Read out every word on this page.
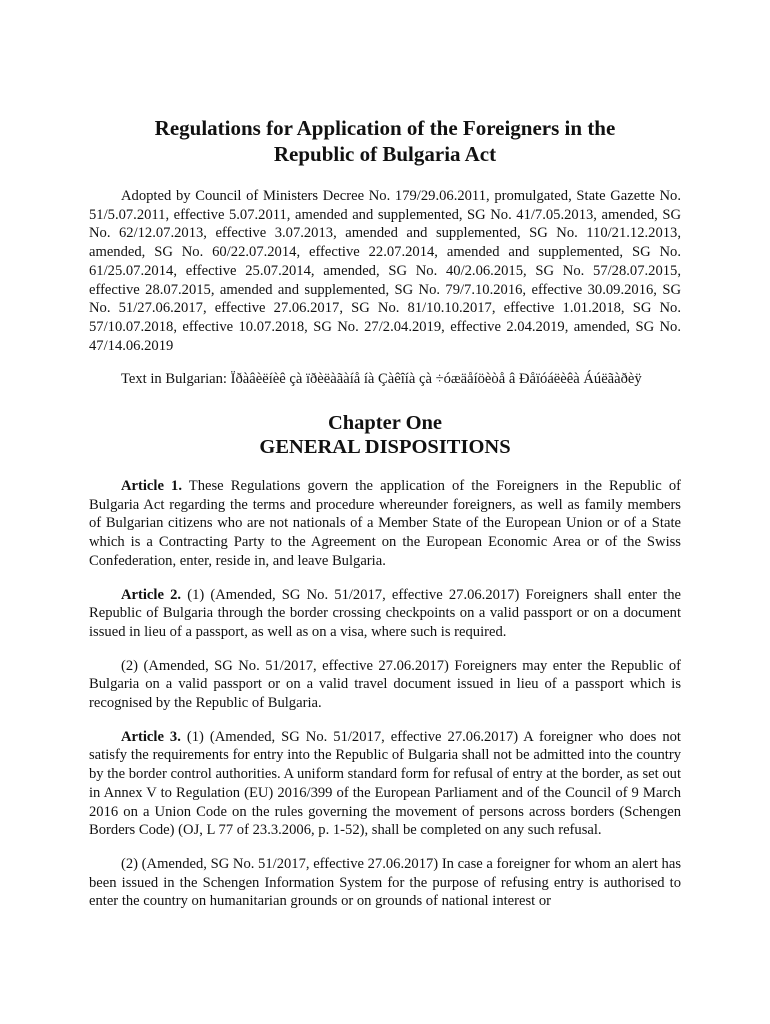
Regulations for Application of the Foreigners in the
Republic of Bulgaria Act

Adopted by Council of Ministers Decree No. 179/29.06.2011, promulgated, State Gazette No. 51/5.07.2011, effective 5.07.2011, amended and supplemented, SG No. 41/7.05.2013, amended, SG No. 62/12.07.2013, effective 3.07.2013, amended and supplemented, SG No. 110/21.12.2013, amended, SG No. 60/22.07.2014, effective 22.07.2014, amended and supplemented, SG No. 61/25.07.2014, effective 25.07.2014, amended, SG No. 40/2.06.2015, SG No. 57/28.07.2015, effective 28.07.2015, amended and supplemented, SG No. 79/7.10.2016, effective 30.09.2016, SG No. 51/27.06.2017, effective 27.06.2017, SG No. 81/10.10.2017, effective 1.01.2018, SG No. 57/10.07.2018, effective 10.07.2018, SG No. 27/2.04.2019, effective 2.04.2019, amended, SG No. 47/14.06.2019

Text in Bulgarian: Ïðàâèëíèê çà ïðèëàãàíå íà Çàêîíà çà ÷óæäåíöèòå â Ðåïóáëèêà Áúëãàðèÿ

Chapter One
GENERAL DISPOSITIONS

Article 1. These Regulations govern the application of the Foreigners in the Republic of Bulgaria Act regarding the terms and procedure whereunder foreigners, as well as family members of Bulgarian citizens who are not nationals of a Member State of the European Union or of a State which is a Contracting Party to the Agreement on the European Economic Area or of the Swiss Confederation, enter, reside in, and leave Bulgaria.

Article 2. (1) (Amended, SG No. 51/2017, effective 27.06.2017) Foreigners shall enter the Republic of Bulgaria through the border crossing checkpoints on a valid passport or on a document issued in lieu of a passport, as well as on a visa, where such is required.

(2) (Amended, SG No. 51/2017, effective 27.06.2017) Foreigners may enter the Republic of Bulgaria on a valid passport or on a valid travel document issued in lieu of a passport which is recognised by the Republic of Bulgaria.

Article 3. (1) (Amended, SG No. 51/2017, effective 27.06.2017) A foreigner who does not satisfy the requirements for entry into the Republic of Bulgaria shall not be admitted into the country by the border control authorities. A uniform standard form for refusal of entry at the border, as set out in Annex V to Regulation (EU) 2016/399 of the European Parliament and of the Council of 9 March 2016 on a Union Code on the rules governing the movement of persons across borders (Schengen Borders Code) (OJ, L 77 of 23.3.2006, p. 1-52), shall be completed on any such refusal.

(2) (Amended, SG No. 51/2017, effective 27.06.2017) In case a foreigner for whom an alert has been issued in the Schengen Information System for the purpose of refusing entry is authorised to enter the country on humanitarian grounds or on grounds of national interest or
